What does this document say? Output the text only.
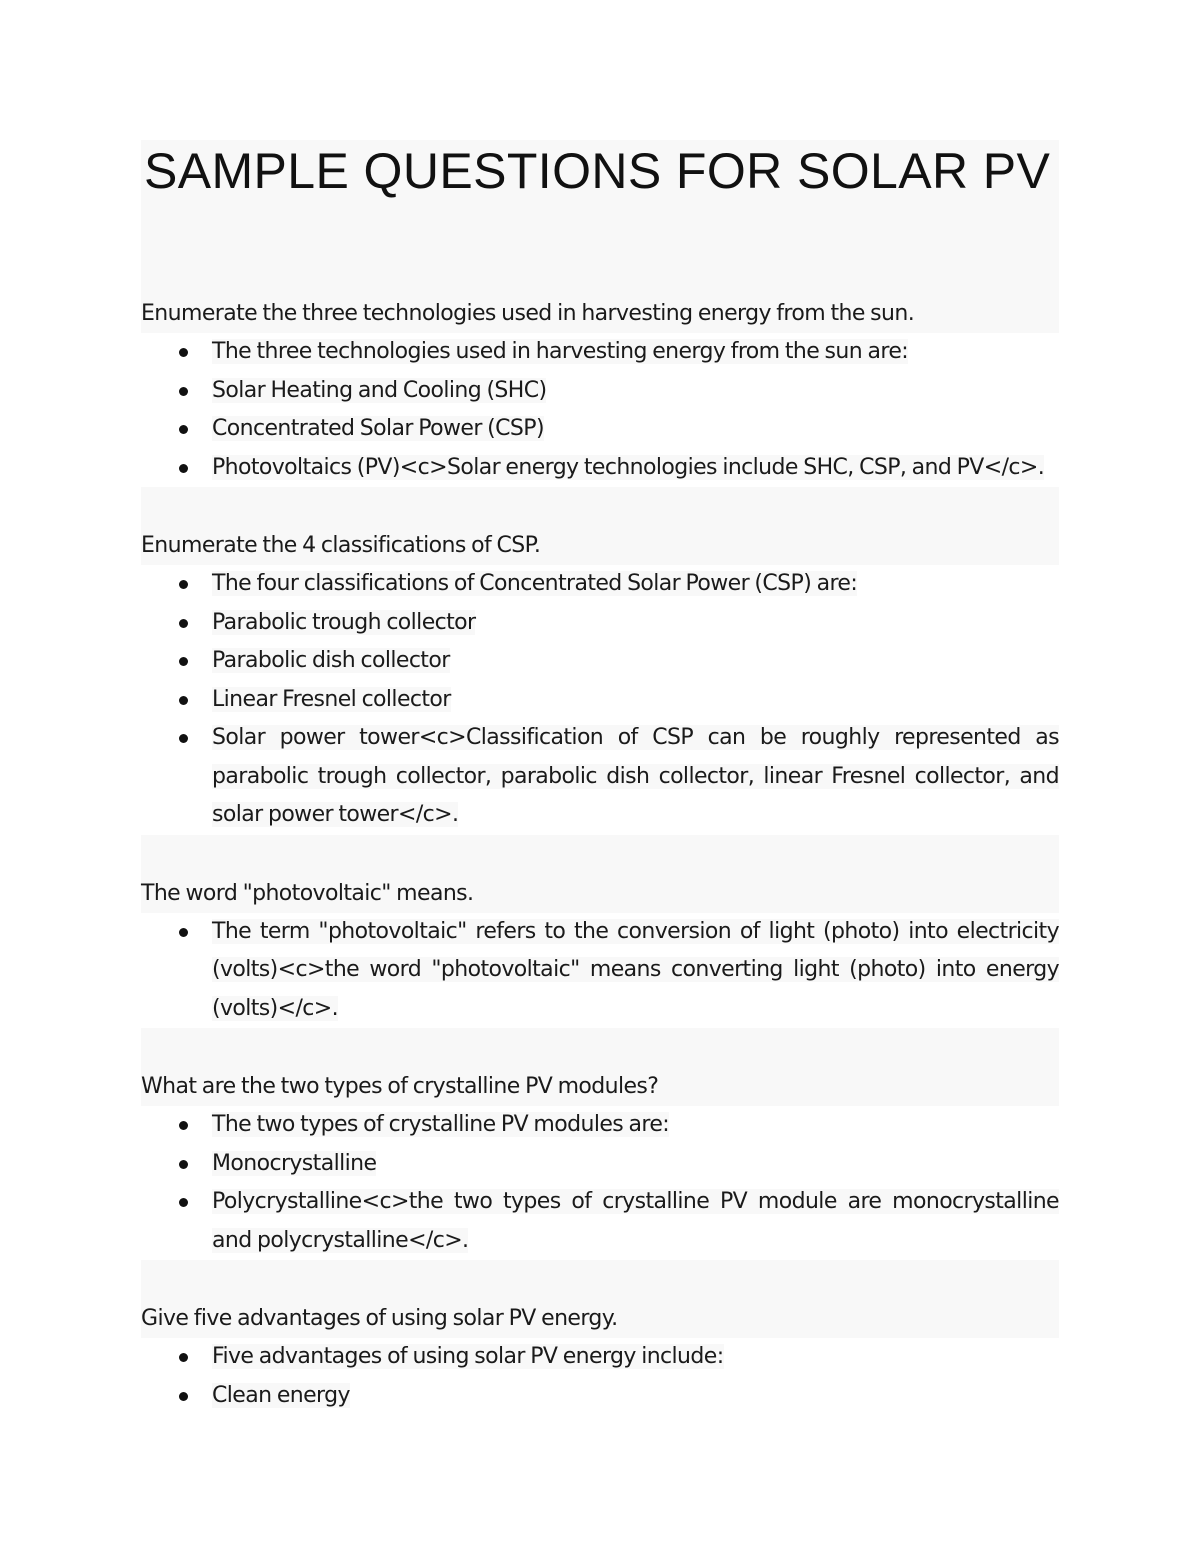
SAMPLE QUESTIONS FOR SOLAR PV

Enumerate the three technologies used in harvesting energy from the sun.

The three technologies used in harvesting energy from the sun are:
Solar Heating and Cooling (SHC)
Concentrated Solar Power (CSP)
Photovoltaics (PV)<c>Solar energy technologies include SHC, CSP, and PV</c>.

Enumerate the 4 classifications of CSP.

The four classifications of Concentrated Solar Power (CSP) are:
Parabolic trough collector
Parabolic dish collector
Linear Fresnel collector
Solar power tower<c>Classification of CSP can be roughly represented as parabolic trough collector, parabolic dish collector, linear Fresnel collector, and solar power tower</c>.

The word "photovoltaic" means.

The term "photovoltaic" refers to the conversion of light (photo) into electricity (volts)<c>the word "photovoltaic" means converting light (photo) into energy (volts)</c>.

What are the two types of crystalline PV modules?

The two types of crystalline PV modules are:
Monocrystalline
Polycrystalline<c>the two types of crystalline PV module are monocrystalline and polycrystalline</c>.

Give five advantages of using solar PV energy.

Five advantages of using solar PV energy include:
Clean energy
